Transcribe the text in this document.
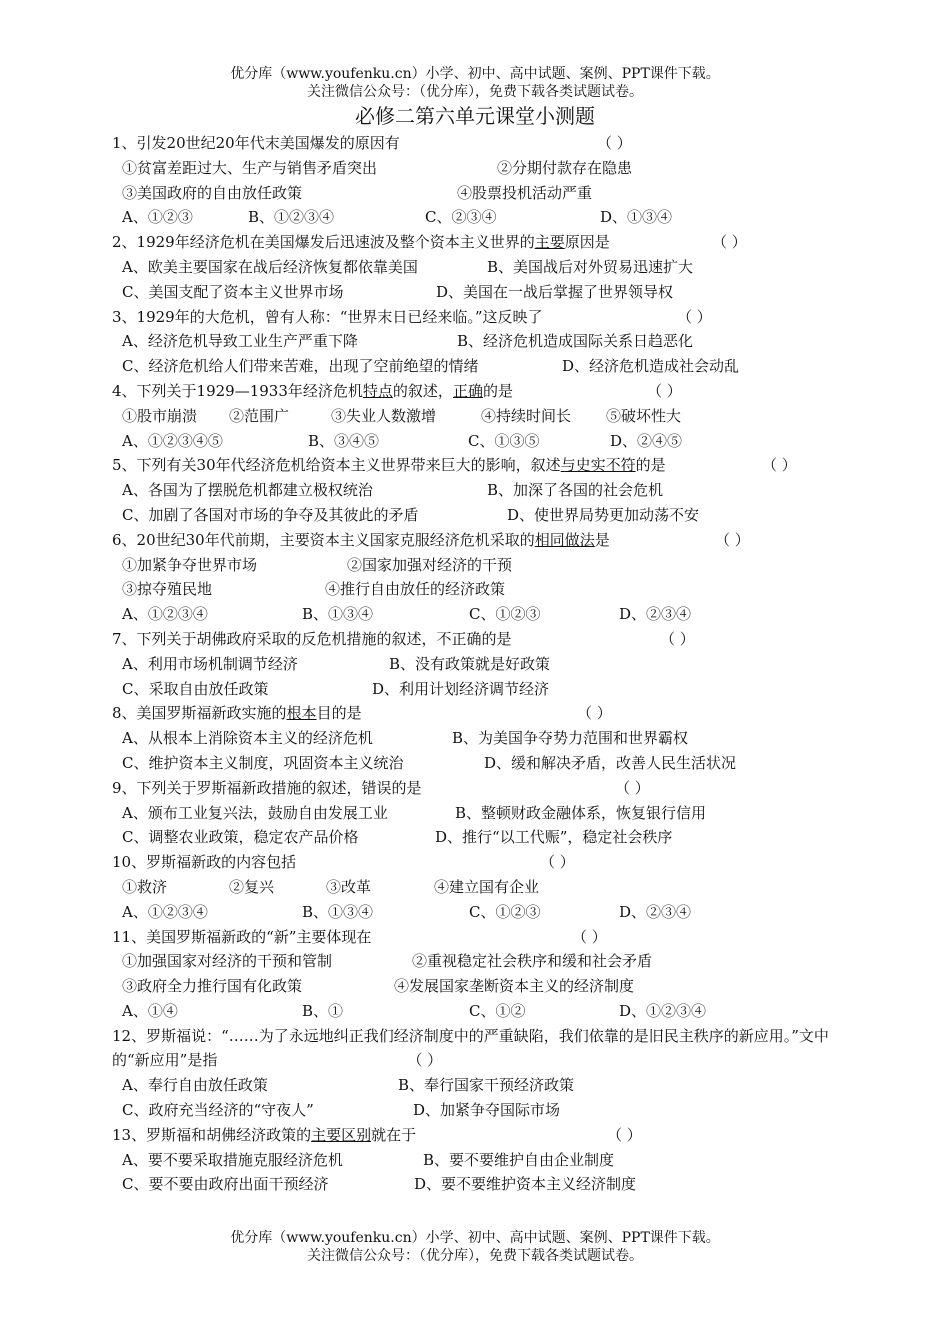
优分库（www.youfenku.cn）小学、初中、高中试题、案例、PPT课件下载。
关注微信公众号：（优分库），免费下载各类试题试卷。
必修二第六单元课堂小测题
1、引发20世纪20年代末美国爆发的原因有	（ ）
①贫富差距过大、生产与销售矛盾突出	②分期付款存在隐患
③美国政府的自由放任政策	④股票投机活动严重
A、①②③	B、①②③④	C、②③④	D、①③④
2、1929年经济危机在美国爆发后迅速波及整个资本主义世界的主要原因是	（ ）
A、欧美主要国家在战后经济恢复都依靠美国	B、美国战后对外贸易迅速扩大
C、美国支配了资本主义世界市场	D、美国在一战后掌握了世界领导权
3、1929年的大危机，曾有人称：“世界末日已经来临。”这反映了	（ ）
A、经济危机导致工业生产严重下降	B、经济危机造成国际关系日趋恶化
C、经济危机给人们带来苦难，出现了空前绝望的情绪	D、经济危机造成社会动乱
4、下列关于1929—1933年经济危机特点的叙述，正确的是	（ ）
①股市崩溃 ②范围广	③失业人数激增	④持续时间长 ⑤破坏性大
A、①②③④⑤	B、③④⑤	C、①③⑤	D、②④⑤
5、下列有关30年代经济危机给资本主义世界带来巨大的影响，叙述与史实不符的是	（ ）
A、各国为了摆脱危机都建立极权统治	B、加深了各国的社会危机
C、加剧了各国对市场的争夺及其彼此的矛盾	D、使世界局势更加动荡不安
6、20世纪30年代前期，主要资本主义国家克服经济危机采取的相同做法是	（ ）
①加紧争夺世界市场	②国家加强对经济的干预
③掠夺殖民地	④推行自由放任的经济政策
A、①②③④	B、①③④	C、①②③	D、②③④
7、下列关于胡佛政府采取的反危机措施的叙述，不正确的是	（ ）
A、利用市场机制调节经济	B、没有政策就是好政策
C、采取自由放任政策	D、利用计划经济调节经济
8、美国罗斯福新政实施的根本目的是	（ ）
A、从根本上消除资本主义的经济危机	B、为美国争夺势力范围和世界霸权
C、维护资本主义制度，巩固资本主义统治	D、缓和解决矛盾，改善人民生活状况
9、下列关于罗斯福新政措施的叙述，错误的是	（ ）
A、颁布工业复兴法，鼓励自由发展工业	B、整顿财政金融体系，恢复银行信用
C、调整农业政策，稳定农产品价格	D、推行“以工代赈”，稳定社会秩序
10、罗斯福新政的内容包括	（ ）
①救济	②复兴	③改革	④建立国有企业
A、①②③④	B、①③④	C、①②③	D、②③④
11、美国罗斯福新政的“新”主要体现在	（ ）
①加强国家对经济的干预和管制	②重视稳定社会秩序和缓和社会矛盾
③政府全力推行国有化政策	④发展国家垄断资本主义的经济制度
A、①④	B、①	C、①②	D、①②③④
12、罗斯福说：“……为了永远地纠正我们经济制度中的严重缺陷，我们依靠的是旧民主秩序的新应用。”文中的“新应用”是指	（ ）
A、奉行自由放任政策	B、奉行国家干预经济政策
C、政府充当经济的“守夜人”	D、加紧争夺国际市场
13、罗斯福和胡佛经济政策的主要区别就在于	（ ）
A、要不要采取措施克服经济危机	B、要不要维护自由企业制度
C、要不要由政府出面干预经济	D、要不要维护资本主义经济制度
优分库（www.youfenku.cn）小学、初中、高中试题、案例、PPT课件下载。
关注微信公众号：（优分库），免费下载各类试题试卷。
